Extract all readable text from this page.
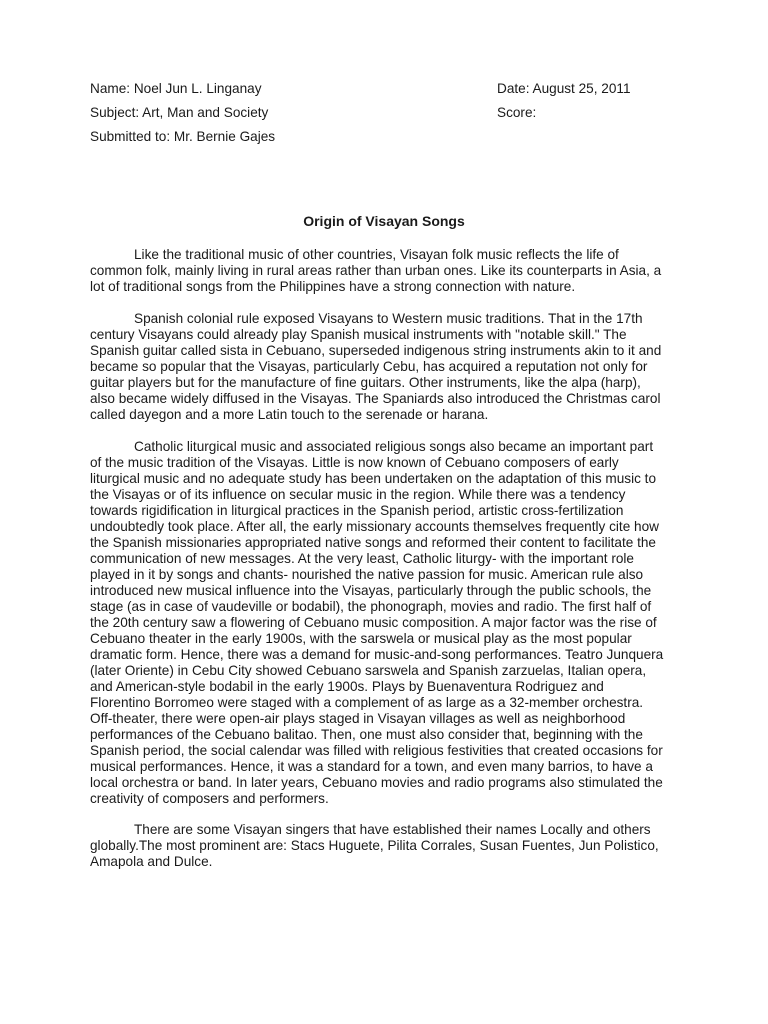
Name: Noel Jun L. Linganay
Subject: Art, Man and Society
Submitted to: Mr. Bernie Gajes
Date: August 25, 2011
Score:
Origin of Visayan Songs
Like the traditional music of other countries, Visayan folk music reflects the life of
common folk, mainly living in rural areas rather than urban ones. Like its counterparts in Asia, a
lot of traditional songs from the Philippines have a strong connection with nature.
Spanish colonial rule exposed Visayans to Western music traditions. That in the 17th
century Visayans could already play Spanish musical instruments with "notable skill." The
Spanish guitar called sista in Cebuano, superseded indigenous string instruments akin to it and
became so popular that the Visayas, particularly Cebu, has acquired a reputation not only for
guitar players but for the manufacture of fine guitars. Other instruments, like the alpa (harp),
also became widely diffused in the Visayas. The Spaniards also introduced the Christmas carol
called dayegon and a more Latin touch to the serenade or harana.
Catholic liturgical music and associated religious songs also became an important part
of the music tradition of the Visayas. Little is now known of Cebuano composers of early
liturgical music and no adequate study has been undertaken on the adaptation of this music to
the Visayas or of its influence on secular music in the region. While there was a tendency
towards rigidification in liturgical practices in the Spanish period, artistic cross-fertilization
undoubtedly took place. After all, the early missionary accounts themselves frequently cite how
the Spanish missionaries appropriated native songs and reformed their content to facilitate the
communication of new messages. At the very least, Catholic liturgy- with the important role
played in it by songs and chants- nourished the native passion for music. American rule also
introduced new musical influence into the Visayas, particularly through the public schools, the
stage (as in case of vaudeville or bodabil), the phonograph, movies and radio. The first half of
the 20th century saw a flowering of Cebuano music composition. A major factor was the rise of
Cebuano theater in the early 1900s, with the sarswela or musical play as the most popular
dramatic form. Hence, there was a demand for music-and-song performances. Teatro Junquera
(later Oriente) in Cebu City showed Cebuano sarswela and Spanish zarzuelas, Italian opera,
and American-style bodabil in the early 1900s. Plays by Buenaventura Rodriguez and
Florentino Borromeo were staged with a complement of as large as a 32-member orchestra.
Off-theater, there were open-air plays staged in Visayan villages as well as neighborhood
performances of the Cebuano balitao. Then, one must also consider that, beginning with the
Spanish period, the social calendar was filled with religious festivities that created occasions for
musical performances. Hence, it was a standard for a town, and even many barrios, to have a
local orchestra or band. In later years, Cebuano movies and radio programs also stimulated the
creativity of composers and performers.
There are some Visayan singers that have established their names Locally and others
globally.The most prominent are: Stacs Huguete, Pilita Corrales, Susan Fuentes, Jun Polistico,
Amapola and Dulce.
